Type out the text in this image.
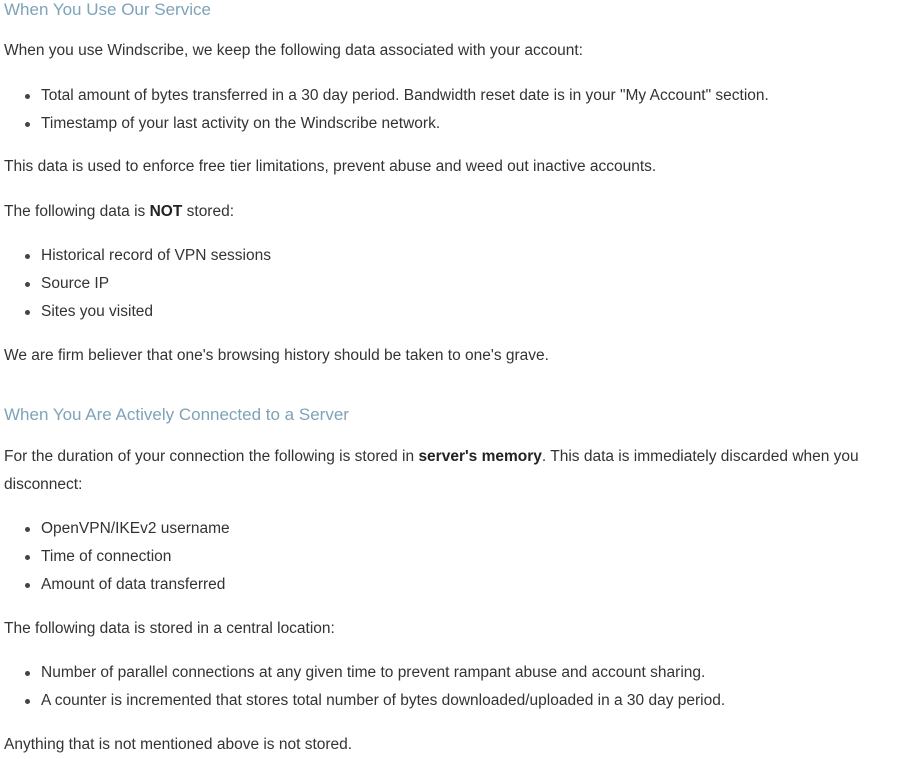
When You Use Our Service

When you use Windscribe, we keep the following data associated with your account:

Total amount of bytes transferred in a 30 day period. Bandwidth reset date is in your "My Account" section.
Timestamp of your last activity on the Windscribe network.

This data is used to enforce free tier limitations, prevent abuse and weed out inactive accounts.

The following data is NOT stored:

Historical record of VPN sessions
Source IP
Sites you visited

We are firm believer that one's browsing history should be taken to one's grave.

When You Are Actively Connected to a Server

For the duration of your connection the following is stored in server's memory. This data is immediately discarded when you disconnect:

OpenVPN/IKEv2 username
Time of connection
Amount of data transferred

The following data is stored in a central location:

Number of parallel connections at any given time to prevent rampant abuse and account sharing.
A counter is incremented that stores total number of bytes downloaded/uploaded in a 30 day period.

Anything that is not mentioned above is not stored.
